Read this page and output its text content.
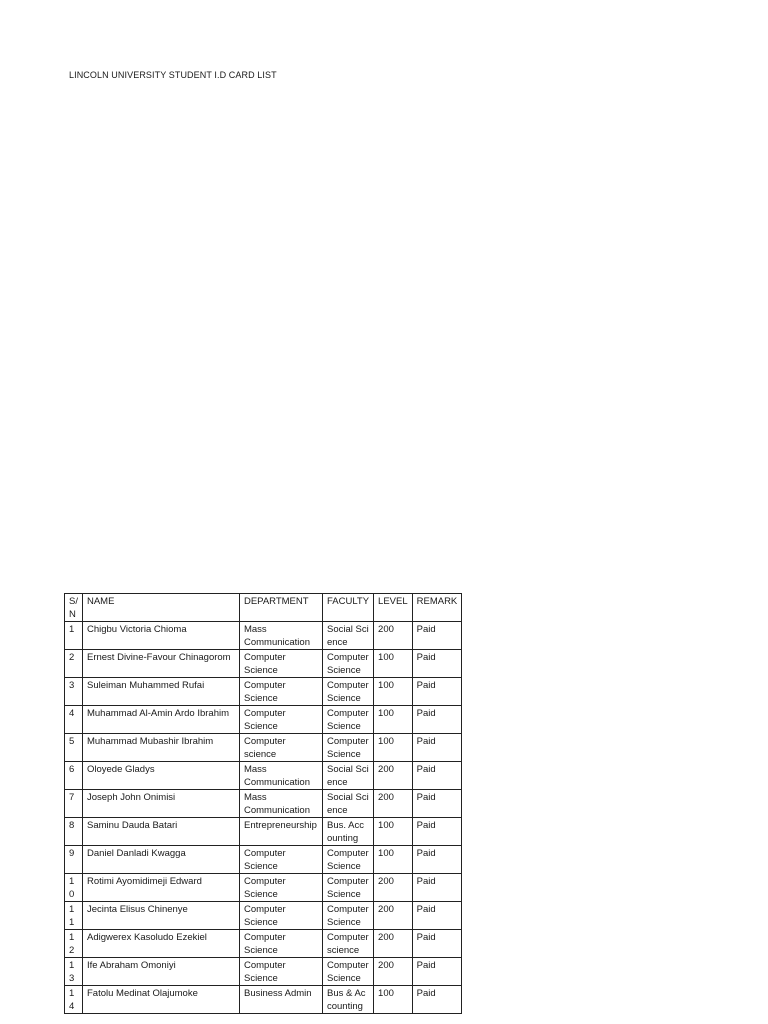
LINCOLN UNIVERSITY STUDENT I.D CARD LIST
S/N	NAME	DEPARTMENT	FACULTY	LEVEL	REMARK
1	Chigbu Victoria Chioma	Mass Communication	Social Science	200	Paid
2	Ernest Divine-Favour Chinagorom	Computer Science	Computer Science	100	Paid
3	Suleiman Muhammed Rufai	Computer Science	Computer Science	100	Paid
4	Muhammad Al-Amin Ardo Ibrahim	Computer Science	Computer Science	100	Paid
5	Muhammad Mubashir Ibrahim	Computer science	Computer Science	100	Paid
6	Oloyede Gladys	Mass Communication	Social Science	200	Paid
7	Joseph John Onimisi	Mass Communication	Social Science	200	Paid
8	Saminu Dauda Batari	Entrepreneurship	Bus. Accounting	100	Paid
9	Daniel Danladi Kwagga	Computer Science	Computer Science	100	Paid
10	Rotimi Ayomidimeji Edward	Computer Science	Computer Science	200	Paid
11	Jecinta Elisus Chinenye	Computer Science	Computer Science	200	Paid
12	Adigwerex Kasoludo Ezekiel	Computer Science	Computer science	200	Paid
13	Ife Abraham Omoniyi	Computer Science	Computer Science	200	Paid
14	Fatolu Medinat Olajumoke	Business Admin	Bus & Accounting	100	Paid
